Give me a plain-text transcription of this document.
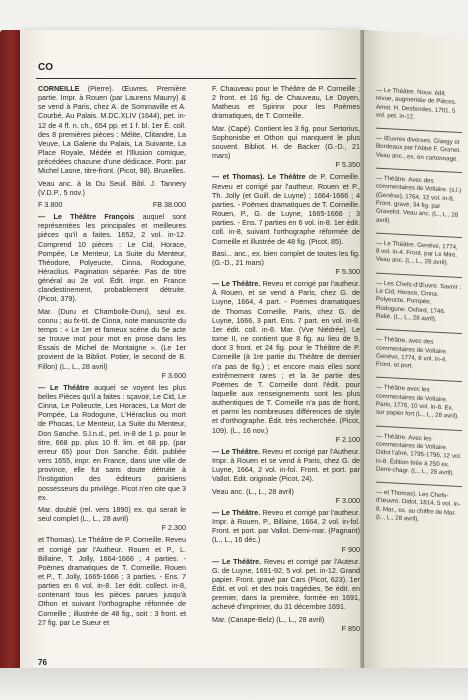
— Le Théâtre. Nouv. édit. revue, augmentée de Pièces. Amst. H. Desbordes, 1701, 5 vol. pet. in-12.

— Œuvres diverses. Glasgy et Bordeaux par l'Abbé F. Granet. Veau anc., ex. en cartonnage.

— Théâtre. Avec des commentaires de Voltaire. (s.l.) (Genève), 1764, 12 vol. in-8. Front. gravé, 34 fig. par Gravelot. Veau anc. (L., L., 28 avril).

— Le Théâtre. Genève, 1774, 8 vol. in-4. Front. par Le Mire. Veau anc. (L., L., 28 avril).

— Les Chefs-d'Œuvre. Savoir : Le Cid, Horace, Cinna, Polyeucte, Pompée, Rodogune. Oxford, 1746. Relié. (L., L., 28 avril).

— Théâtre, avec des commentaires de Voltaire. Genève, 1774, 8 vol. in-4. Front. et port.

— Théâtre avec les commentaires de Voltaire. Paris, 1776, 10 vol. in-8. Ex. sur papier fort (L., L., 28 avril).

— Théâtre. Avec les commentaires de Voltaire. Didot l'aîné, 1795-1796, 12 vol. in-8. Édition tirée à 250 ex. Demi-chagr. (L., L., 28 avril).

— et Thomas). Les Chefs-d'œuvre. Didot, 1814, 5 vol. in-8. Mar., ex. au chiffre de Mar. (L., L., 28 avril).

CO

CORNEILLE (Pierre). Œuvres. Première partie. Impr. à Rouen (par Laurens Maurry) & se vend à Paris, chez A. de Sommaville et A. Courbé, Au Palais. M.DC.XLIV (1644), pet. in-12 de 4 ff. n. ch., 654 pp. et 1 f. bl. 1er É. coll. des 8 premières pièces : Mélite, Clitandre, La Veuve, La Galerie du Palais, La Suivante, La Place Royale, Médée et l'Illusion comique, précédées chacune d'une dédicace. Portr. par Michel Lasne, titre-front. (Picot, 98). Bruxelles.

Veau anc. à la Du Seuil. Bibl. J. Tannery (V.D.P., 5 nov.)

F 3.800	FB 38.000

— Le Théâtre François auquel sont représentées les principales et meilleures pièces qu'il a faites. 1652, 2 vol. in-12. Comprend 10 pièces : Le Cid, Horace, Pompée, Le Menteur, La Suite du Menteur, Théodore, Polyeucte, Cinna, Rodogune, Héraclius. Pagination séparée. Pas de titre général au 2e vol. Édit. impr. en France clandestinement, probablement détruite. (Picot, 379).

Mar. (Duru et Chambolle-Duru), seul ex. connu ; au fx-tit. de Cinna, note manuscrite du temps : « Le 1er et fameux scène du 5e acte se trouve mot pour mot en prose dans les Essais de Michel de Montaigne ». (Le 1er provient de la Bibliot. Potier, le second de B. Fillon) (L., L., 28 avril)
F 3.600

— Le Théâtre auquel se voyent les plus belles Pièces qu'il a faites : sçavoir, Le Cid, Le Cinna, Le Polieucte, Les Horaces, La Mort de Pompée, La Rodogune, L'Héraclius ou mort de Phocas, Le Menteur, La Suite du Menteur, Don Sanche. S.l.n.d., pet. in-8 de 1 p. pour le titre, 668 pp. plus 10 ff. lim. et 68 pp. (par erreur 65) pour Don Sanche. Édit. publiée vers 1655, impr. en France, dans une ville de province, elle fut sans doute détruite à l'instigation des éditeurs parisiens possesseurs du privilège. Picot n'en cite que 3 ex.

Mar. doublé (rel. vers 1890) ex. qui serait le seul complet (L., L., 28 avril)
F 2.300

et Thomas). Le Théâtre de P. Corneille. Reveu et corrigé par l'Autheur. Rouen et P., L. Billaine, T. Jolly, 1664-1666 ; 4 parties. - Poëmes dramatiques de T. Corneille. Rouen et P., T. Jolly, 1665-1666 ; 3 parties. - Ens. 7 parties en 6 vol. in-8. 1er édit. collect. in-8, contenant tous les pièces parues jusqu'à Othon et suivant l'orthographe réformée de Corneille ; illustrée de 48 fig., soit : 3 front. et 27 fig. par Le Sueur et

F. Chauveau pour le Théâtre de P. Corneille ; 2 front. et 16 fig. de Chauveau, Le Doyen, Matheus et Spirinx pour les Poèmes dramatiques, de T. Corneille.

Mar. (Capé). Contient les 3 fig. pour Sertorius, Sophonisbe et Othon qui manquent le plus souvent. Bibliot. H. de Backer (G.-D., 21 mars)
F 5.350

— et Thomas). Le Théâtre de P. Corneille. Reveu et corrigé par l'autheur. Rouen et P., Th. Jolly (et Guill. de Luyne) ; 1664-1666 ; 4 parties. - Poëmes dramatiques de T. Corneille. Rouen, P., G. de Luyne, 1665-1666 ; 3 parties. - Ens. 7 parties en 6 vol. in-8. 1er édit. coll. in-8, suivant l'orthographe réformée de Corneille et illustrée de 48 fig. (Picot, 85).

Basi... anc., ex. bien complet de toutes les fig. (G.-D., 21 mars)
F 5.300

— Le Théâtre. Reveu et corrigé par l'autheur. À Rouen, et se vend à Paris, chez G. de Luyne, 1664, 4 part. - Poëmes dramatiques de Thomas Corneille. Paris, chez G. de Luyne, 1666, 3 part. Ens. 7 part. en vol. in-8. 1er édit. coll. in-8. Mar. (Vve Niédrée). Le tome II, ne contient que 8 fig. au lieu de 9, dont 3 front. et 24 fig. pour le Théâtre de P. Corneille (à 1re partie du Théâtre de dernier n'a pas de fig.) ; et encore mais elles sont extrêmement rares ; et la 3e partie des Poëmes de T. Corneille dont l'édit. pour laquelle aux renseignements sont les plus authentiques de T. Corneille n'a pas de front, et parmi les nombreuses différences de style et d'orthographe. Édit. très recherchée. (Picot, 109). (L., 16 nov.)
F 2.100

— Le Théâtre. Reveu et corrigé par l'Autheur. Impr. à Rouen et se vend à Paris, chez G. de Luyne, 1664, 2 vol. in-fol. Front. et port. par Vallot. Edit. originale (Picot, 24).

Veau anc. (L., L., 28 avril)
F 3.000

— Le Théâtre. Reveu et corrigé par l'autheur. Impr. à Rouen, P., Billaine, 1664, 2 vol. in-fol. Front. et port. par Vallot. Demi-mar. (Pagnant) (L., L., 16 déc.)
F 900

— Le Théâtre. Reveu et corrigé par l'Auteur. G. de Luyne, 1691-92, 5 vol. pet. in-12. Grand papier. Front. gravé par Cars (Picot, 623). 1er Édit. et vol. et des trois tragédies, 5e édit. en premier, dans la première, formée en 1691, achevé d'imprimer, du 31 décembre 1691.

Mar. (Canape-Belz) (L., L., 28 avril)
F 850

76
